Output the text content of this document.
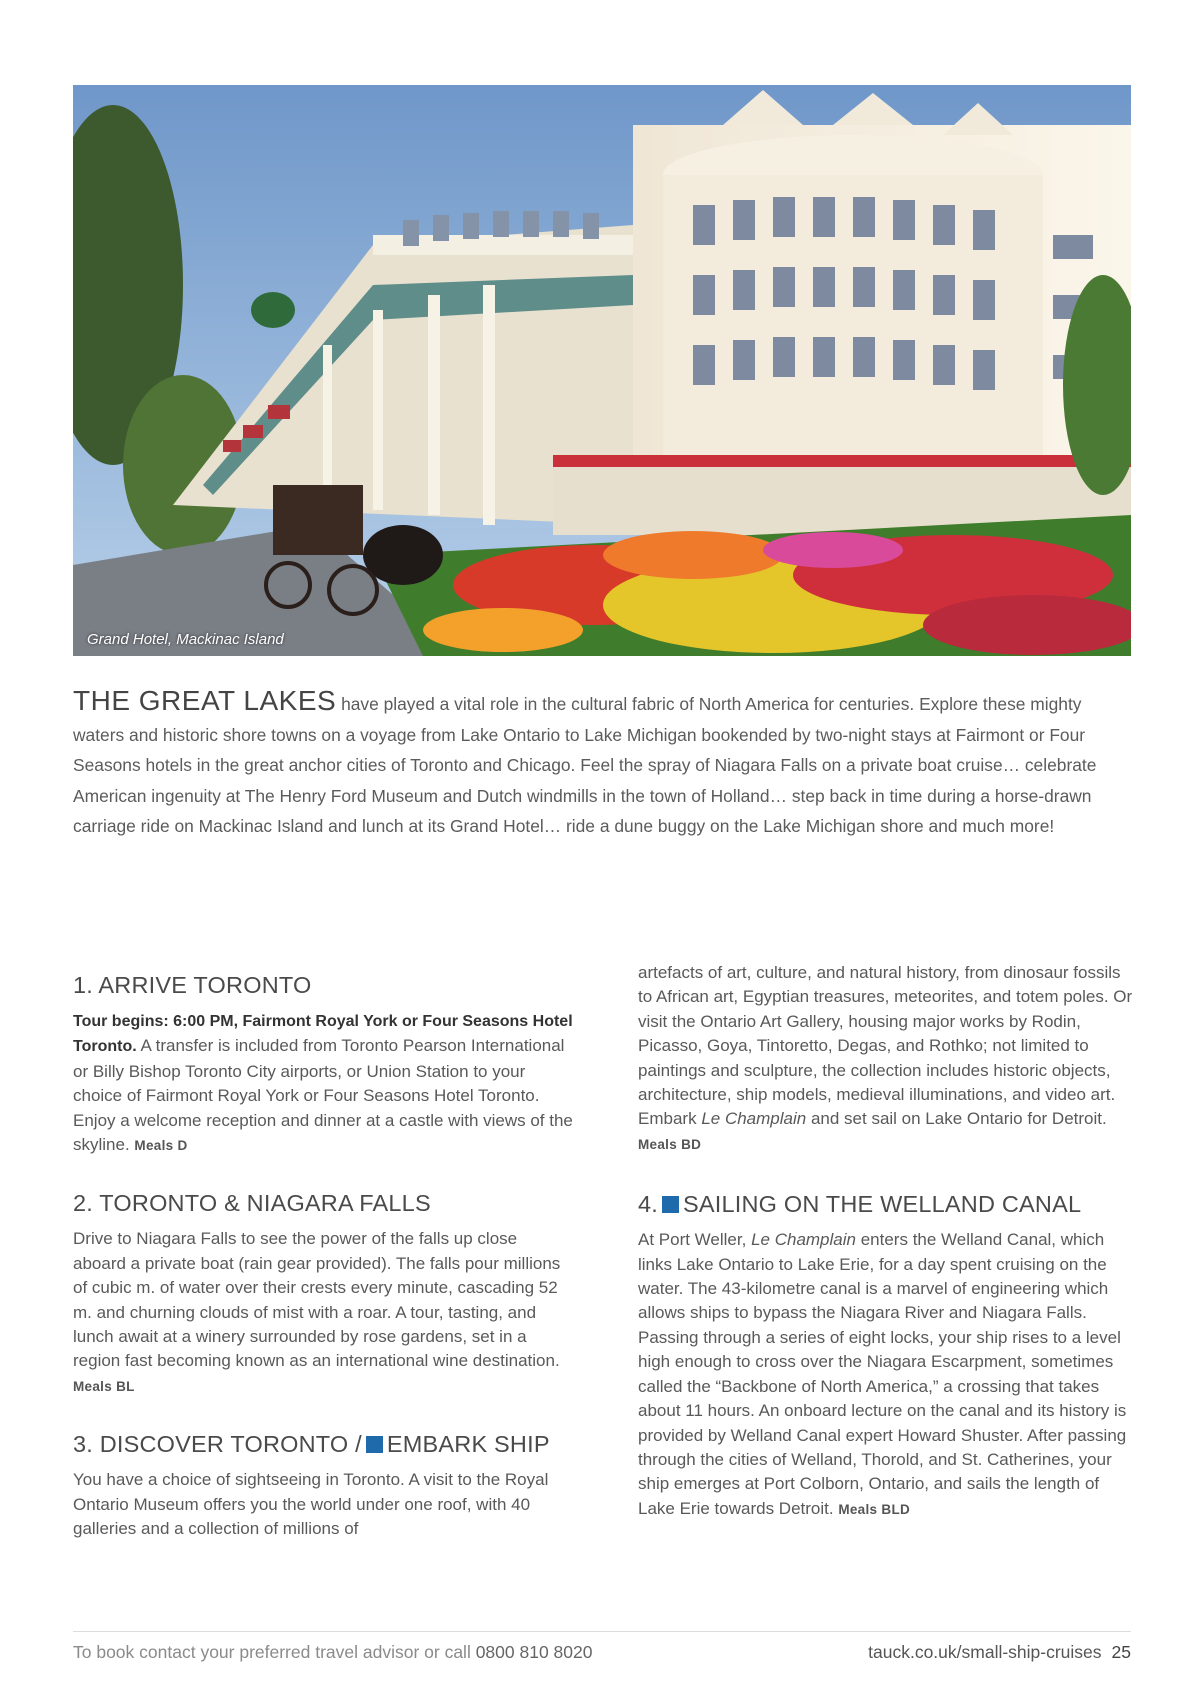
Grand Hotel, Mackinac Island
THE GREAT LAKES have played a vital role in the cultural fabric of North America for centuries. Explore these mighty waters and historic shore towns on a voyage from Lake Ontario to Lake Michigan bookended by two-night stays at Fairmont or Four Seasons hotels in the great anchor cities of Toronto and Chicago. Feel the spray of Niagara Falls on a private boat cruise… celebrate American ingenuity at The Henry Ford Museum and Dutch windmills in the town of Holland… step back in time during a horse-drawn carriage ride on Mackinac Island and lunch at its Grand Hotel… ride a dune buggy on the Lake Michigan shore and much more!
1. ARRIVE TORONTO

Tour begins: 6:00 PM, Fairmont Royal York or Four Seasons Hotel Toronto. A transfer is included from Toronto Pearson International or Billy Bishop Toronto City airports, or Union Station to your choice of Fairmont Royal York or Four Seasons Hotel Toronto. Enjoy a welcome reception and dinner at a castle with views of the skyline. Meals D

2. TORONTO & NIAGARA FALLS

Drive to Niagara Falls to see the power of the falls up close aboard a private boat (rain gear provided). The falls pour millions of cubic m. of water over their crests every minute, cascading 52 m. and churning clouds of mist with a roar. A tour, tasting, and lunch await at a winery surrounded by rose gardens, set in a region fast becoming known as an international wine destination. Meals BL

3. DISCOVER TORONTO / EMBARK SHIP

You have a choice of sightseeing in Toronto. A visit to the Royal Ontario Museum offers you the world under one roof, with 40 galleries and a collection of millions of

artefacts of art, culture, and natural history, from dinosaur fossils to African art, Egyptian treasures, meteorites, and totem poles. Or visit the Ontario Art Gallery, housing major works by Rodin, Picasso, Goya, Tintoretto, Degas, and Rothko; not limited to paintings and sculpture, the collection includes historic objects, architecture, ship models, medieval illuminations, and video art. Embark Le Champlain and set sail on Lake Ontario for Detroit. Meals BD

4. SAILING ON THE WELLAND CANAL

At Port Weller, Le Champlain enters the Welland Canal, which links Lake Ontario to Lake Erie, for a day spent cruising on the water. The 43-kilometre canal is a marvel of engineering which allows ships to bypass the Niagara River and Niagara Falls. Passing through a series of eight locks, your ship rises to a level high enough to cross over the Niagara Escarpment, sometimes called the “Backbone of North America,” a crossing that takes about 11 hours. An onboard lecture on the canal and its history is provided by Welland Canal expert Howard Shuster. After passing through the cities of Welland, Thorold, and St. Catherines, your ship emerges at Port Colborn, Ontario, and sails the length of Lake Erie towards Detroit. Meals BLD

To book contact your preferred travel advisor or call 0800 810 8020	tauck.co.uk/small-ship-cruises 25
